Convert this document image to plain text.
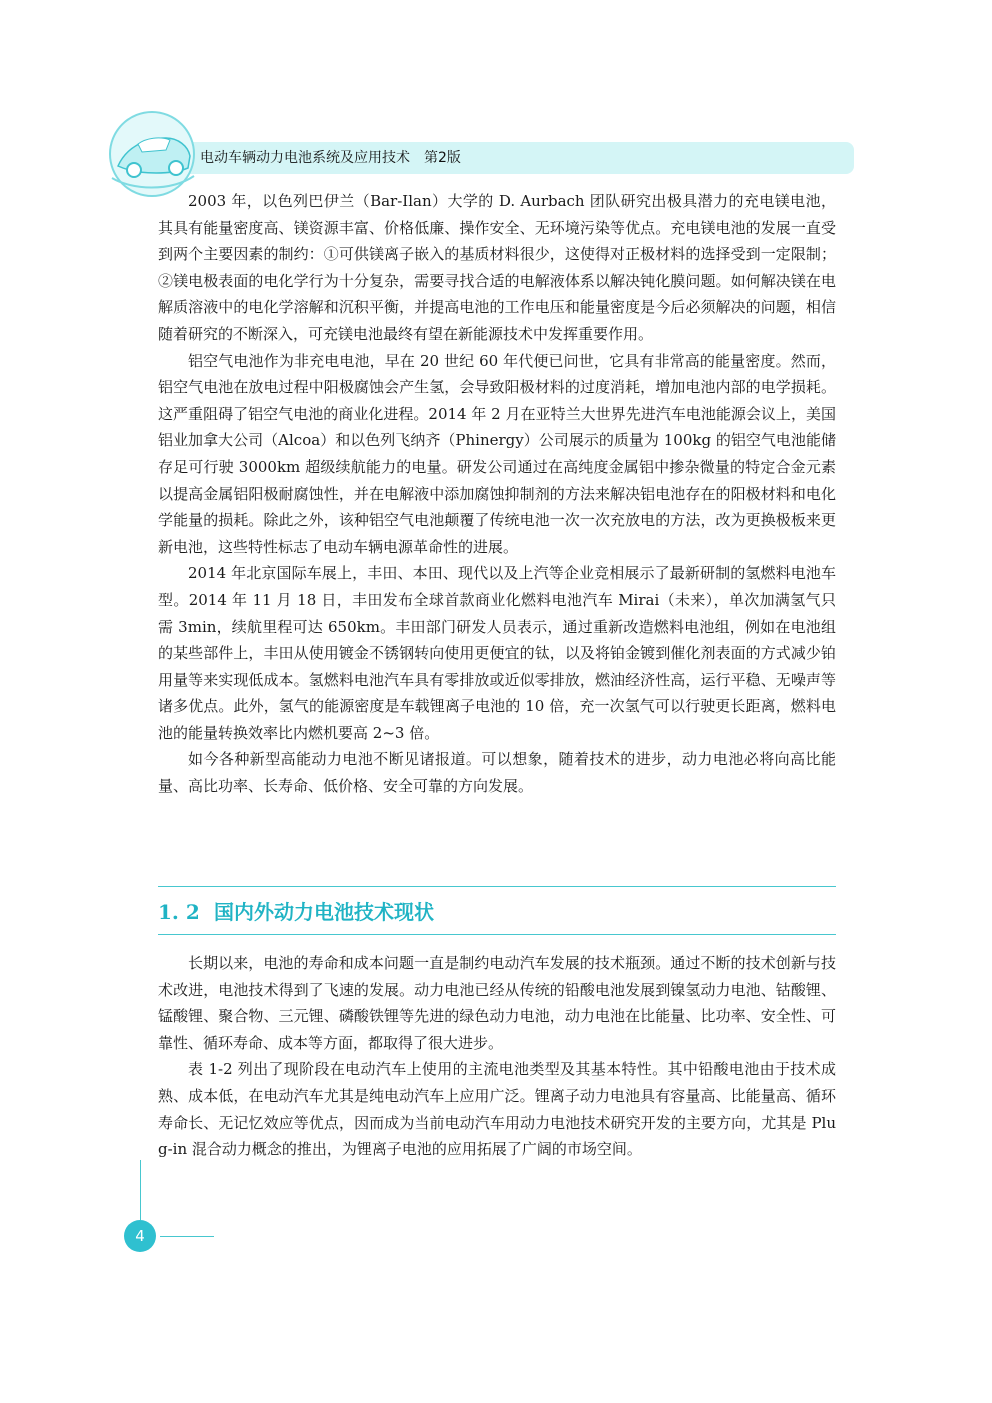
电动车辆动力电池系统及应用技术 第2版

2003 年，以色列巴伊兰（Bar-Ilan）大学的 D. Aurbach 团队研究出极具潜力的充电镁电池，其具有能量密度高、镁资源丰富、价格低廉、操作安全、无环境污染等优点。充电镁电池的发展一直受到两个主要因素的制约：①可供镁离子嵌入的基质材料很少，这使得对正极材料的选择受到一定限制；②镁电极表面的电化学行为十分复杂，需要寻找合适的电解液体系以解决钝化膜问题。如何解决镁在电解质溶液中的电化学溶解和沉积平衡，并提高电池的工作电压和能量密度是今后必须解决的问题，相信随着研究的不断深入，可充镁电池最终有望在新能源技术中发挥重要作用。

铝空气电池作为非充电电池，早在 20 世纪 60 年代便已问世，它具有非常高的能量密度。然而，铝空气电池在放电过程中阳极腐蚀会产生氢，会导致阳极材料的过度消耗，增加电池内部的电学损耗。这严重阻碍了铝空气电池的商业化进程。2014 年 2 月在亚特兰大世界先进汽车电池能源会议上，美国铝业加拿大公司（Alcoa）和以色列飞纳齐（Phinergy）公司展示的质量为 100kg 的铝空气电池能储存足可行驶 3000km 超级续航能力的电量。研发公司通过在高纯度金属铝中掺杂微量的特定合金元素以提高金属铝阳极耐腐蚀性，并在电解液中添加腐蚀抑制剂的方法来解决铝电池存在的阳极材料和电化学能量的损耗。除此之外，该种铝空气电池颠覆了传统电池一次一次充放电的方法，改为更换极板来更新电池，这些特性标志了电动车辆电源革命性的进展。

2014 年北京国际车展上，丰田、本田、现代以及上汽等企业竞相展示了最新研制的氢燃料电池车型。2014 年 11 月 18 日，丰田发布全球首款商业化燃料电池汽车 Mirai（未来），单次加满氢气只需 3min，续航里程可达 650km。丰田部门研发人员表示，通过重新改造燃料电池组，例如在电池组的某些部件上，丰田从使用镀金不锈钢转向使用更便宜的钛，以及将铂金镀到催化剂表面的方式减少铂用量等来实现低成本。氢燃料电池汽车具有零排放或近似零排放，燃油经济性高，运行平稳、无噪声等诸多优点。此外，氢气的能源密度是车载锂离子电池的 10 倍，充一次氢气可以行驶更长距离，燃料电池的能量转换效率比内燃机要高 2~3 倍。

如今各种新型高能动力电池不断见诸报道。可以想象，随着技术的进步，动力电池必将向高比能量、高比功率、长寿命、低价格、安全可靠的方向发展。

1. 2 国内外动力电池技术现状

长期以来，电池的寿命和成本问题一直是制约电动汽车发展的技术瓶颈。通过不断的技术创新与技术改进，电池技术得到了飞速的发展。动力电池已经从传统的铅酸电池发展到镍氢动力电池、钴酸锂、锰酸锂、聚合物、三元锂、磷酸铁锂等先进的绿色动力电池，动力电池在比能量、比功率、安全性、可靠性、循环寿命、成本等方面，都取得了很大进步。

表 1-2 列出了现阶段在电动汽车上使用的主流电池类型及其基本特性。其中铅酸电池由于技术成熟、成本低，在电动汽车尤其是纯电动汽车上应用广泛。锂离子动力电池具有容量高、比能量高、循环寿命长、无记忆效应等优点，因而成为当前电动汽车用动力电池技术研究开发的主要方向，尤其是 Plug-in 混合动力概念的推出，为锂离子电池的应用拓展了广阔的市场空间。

4
